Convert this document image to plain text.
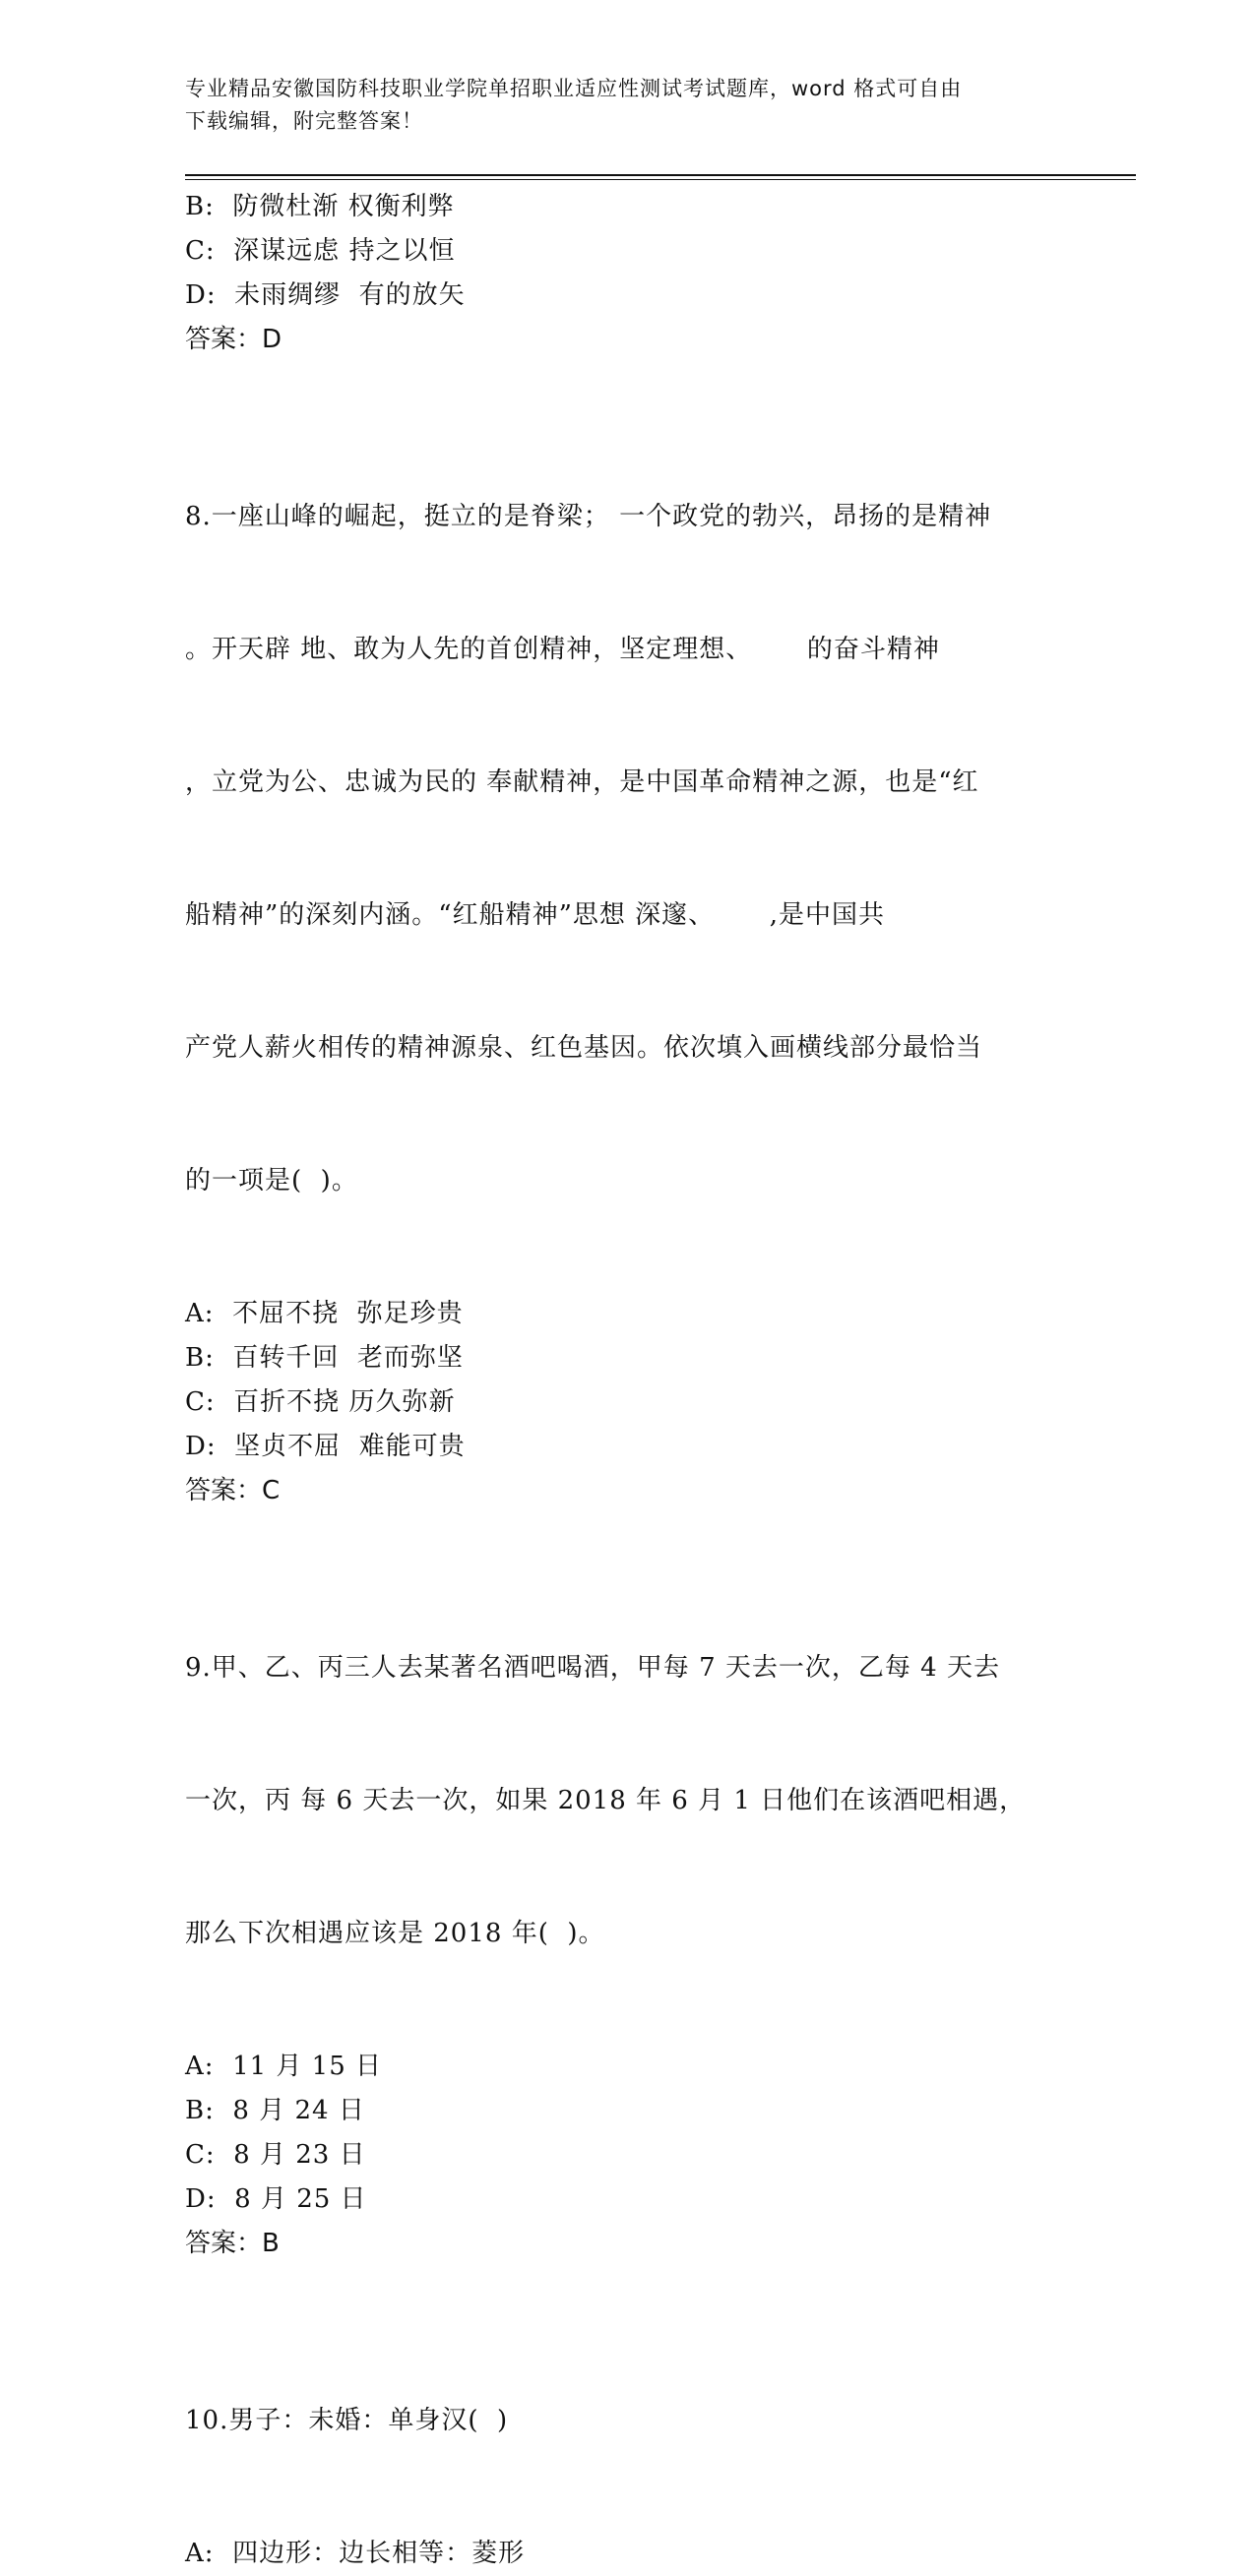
专业精品安徽国防科技职业学院单招职业适应性测试考试题库，word 格式可自由
下载编辑，附完整答案！
B:  防微杜渐 权衡利弊
C:  深谋远虑 持之以恒
D:  未雨绸缪  有的放矢
答案：D

8.一座山峰的崛起，挺立的是脊梁； 一个政党的勃兴，昂扬的是精神

。开天辟 地、敢为人先的首创精神，坚定理想、      的奋斗精神

，立党为公、忠诚为民的 奉献精神，是中国革命精神之源，也是“红

船精神”的深刻内涵。“红船精神”思想 深邃、      ,是中国共

产党人薪火相传的精神源泉、红色基因。依次填入画横线部分最恰当

的一项是(  )。

A:  不屈不挠  弥足珍贵
B:  百转千回  老而弥坚
C:  百折不挠 历久弥新
D:  坚贞不屈  难能可贵
答案：C

9.甲、乙、丙三人去某著名酒吧喝酒，甲每 7 天去一次，乙每 4 天去

一次，丙 每 6 天去一次，如果 2018 年 6 月 1 日他们在该酒吧相遇，

那么下次相遇应该是 2018 年(  )。

A:  11 月 15 日
B:  8 月 24 日
C:  8 月 23 日
D:  8 月 25 日
答案：B

10.男子：未婚：单身汉(  )

A:  四边形：边长相等：菱形
